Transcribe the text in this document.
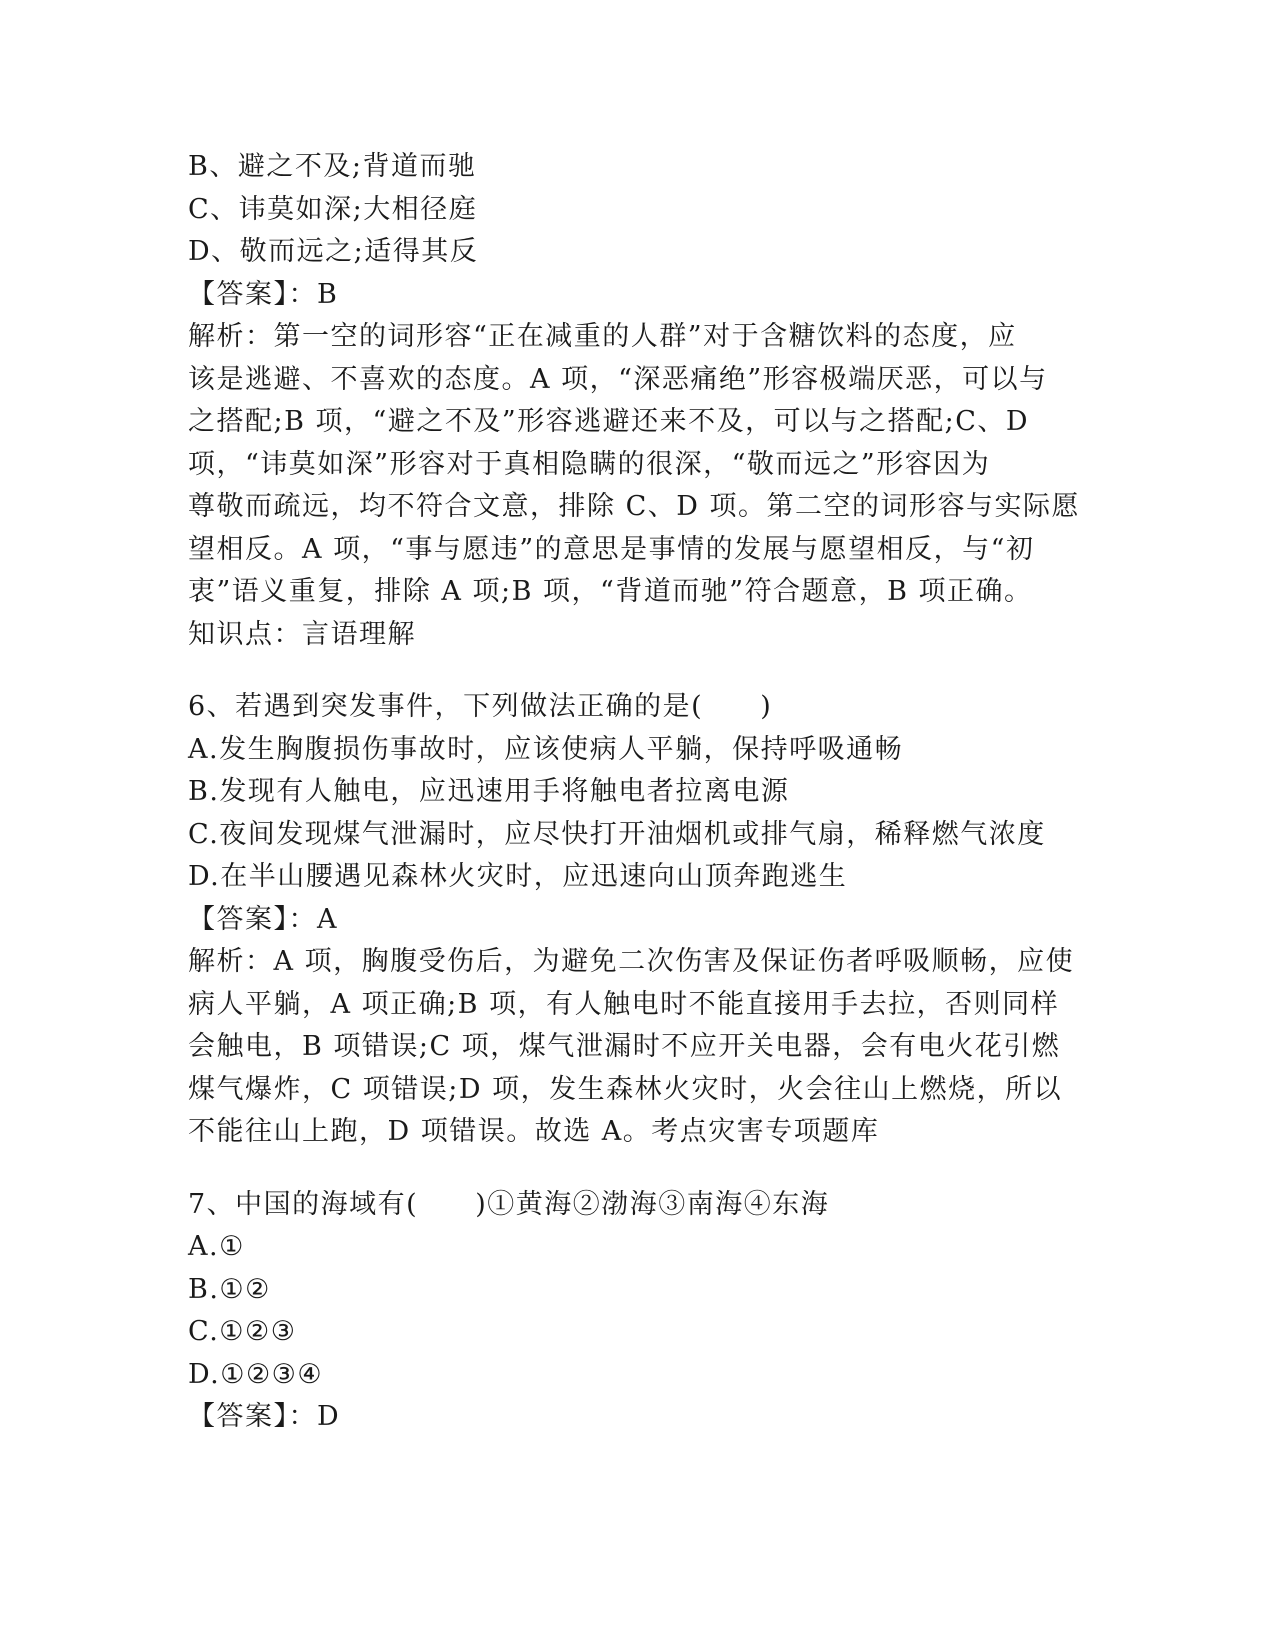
B、避之不及;背道而驰
C、讳莫如深;大相径庭
D、敬而远之;适得其反
【答案】：B
解析：第一空的词形容“正在减重的人群”对于含糖饮料的态度，应
该是逃避、不喜欢的态度。A 项，“深恶痛绝”形容极端厌恶，可以与
之搭配;B 项，“避之不及”形容逃避还来不及，可以与之搭配;C、D
项，“讳莫如深”形容对于真相隐瞒的很深，“敬而远之”形容因为
尊敬而疏远，均不符合文意，排除 C、D 项。第二空的词形容与实际愿
望相反。A 项，“事与愿违”的意思是事情的发展与愿望相反，与“初
衷”语义重复，排除 A 项;B 项，“背道而驰”符合题意，B 项正确。
知识点：言语理解
6、若遇到突发事件，下列做法正确的是(　　)
A.发生胸腹损伤事故时，应该使病人平躺，保持呼吸通畅
B.发现有人触电，应迅速用手将触电者拉离电源
C.夜间发现煤气泄漏时，应尽快打开油烟机或排气扇，稀释燃气浓度
D.在半山腰遇见森林火灾时，应迅速向山顶奔跑逃生
【答案】：A
解析：A 项，胸腹受伤后，为避免二次伤害及保证伤者呼吸顺畅，应使
病人平躺，A 项正确;B 项，有人触电时不能直接用手去拉，否则同样
会触电，B 项错误;C 项，煤气泄漏时不应开关电器，会有电火花引燃
煤气爆炸，C 项错误;D 项，发生森林火灾时，火会往山上燃烧，所以
不能往山上跑，D 项错误。故选 A。考点灾害专项题库
7、中国的海域有(　　)①黄海②渤海③南海④东海
A.①
B.①②
C.①②③
D.①②③④
【答案】：D
